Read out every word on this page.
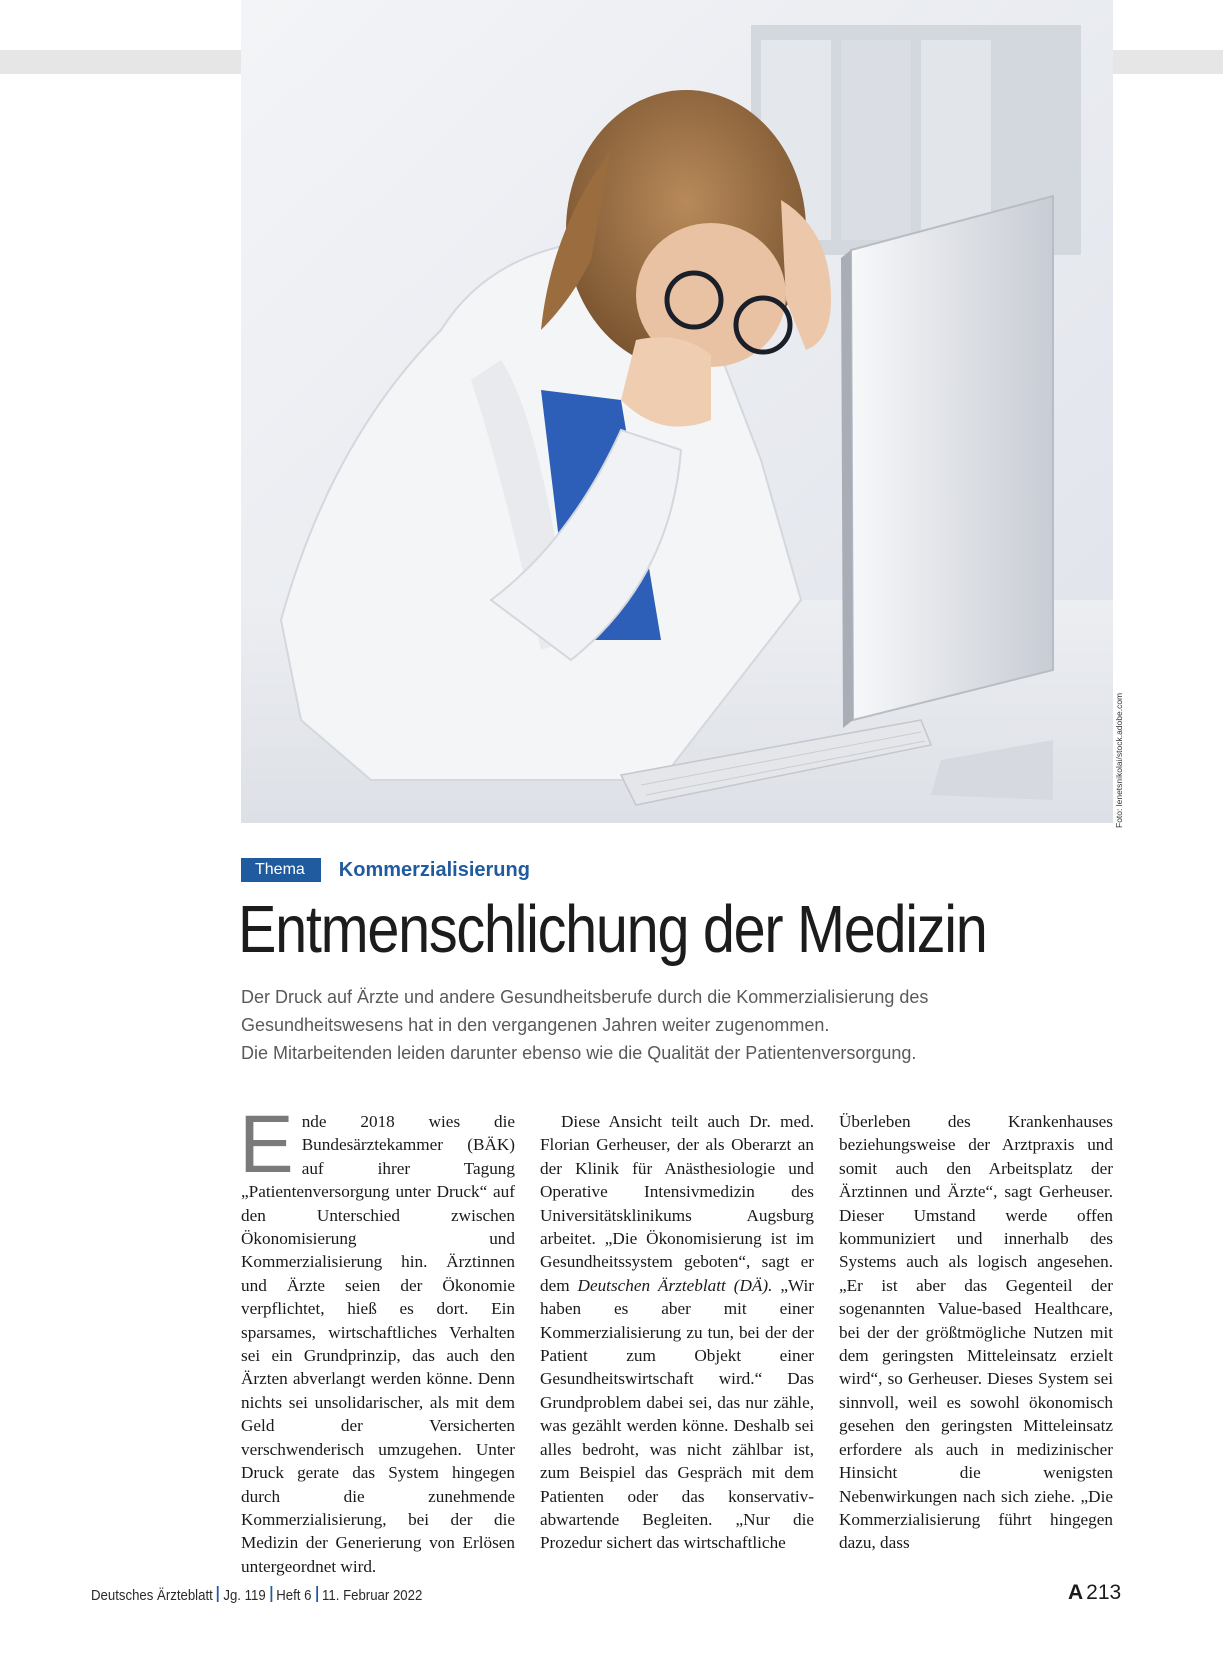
Foto: lenetsnikolai/stock.adobe.com
Thema	Kommerzialisierung
Entmenschlichung der Medizin

Der Druck auf Ärzte und andere Gesundheitsberufe durch die Kommerzialisierung des Gesundheitswesens hat in den vergangenen Jahren weiter zugenommen.

Die Mitarbeitenden leiden darunter ebenso wie die Qualität der Patientenversorgung.

Ende 2018 wies die Bundesärztekammer (BÄK) auf ihrer Tagung „Patientenversorgung unter Druck“ auf den Unterschied zwischen Ökonomisierung und Kommerzialisierung hin. Ärztinnen und Ärzte seien der Ökonomie verpflichtet, hieß es dort. Ein sparsames, wirtschaftliches Verhalten sei ein Grundprinzip, das auch den Ärzten abverlangt werden könne. Denn nichts sei unsolidarischer, als mit dem Geld der Versicherten verschwenderisch umzugehen. Unter Druck gerate das System hingegen durch die zunehmende Kommerzialisierung, bei der die Medizin der Generierung von Erlösen untergeordnet wird.

Diese Ansicht teilt auch Dr. med. Florian Gerheuser, der als Oberarzt an der Klinik für Anästhesiologie und Operative Intensivmedizin des Universitätsklinikums Augsburg arbeitet. „Die Ökonomisierung ist im Gesundheitssystem geboten“, sagt er dem Deutschen Ärzteblatt (DÄ). „Wir haben es aber mit einer Kommerzialisierung zu tun, bei der der Patient zum Objekt einer Gesundheitswirtschaft wird.“ Das Grundproblem dabei sei, das nur zähle, was gezählt werden könne. Deshalb sei alles bedroht, was nicht zählbar ist, zum Beispiel das Gespräch mit dem Patienten oder das konservativ-abwartende Begleiten. „Nur die Prozedur sichert das wirtschaftliche

Überleben des Krankenhauses beziehungsweise der Arztpraxis und somit auch den Arbeitsplatz der Ärztinnen und Ärzte“, sagt Gerheuser. Dieser Umstand werde offen kommuniziert und innerhalb des Systems auch als logisch angesehen. „Er ist aber das Gegenteil der sogenannten Value-based Healthcare, bei der der größtmögliche Nutzen mit dem geringsten Mitteleinsatz erzielt wird“, so Gerheuser. Dieses System sei sinnvoll, weil es sowohl ökonomisch gesehen den geringsten Mitteleinsatz erfordere als auch in medizinischer Hinsicht die wenigsten Nebenwirkungen nach sich ziehe. „Die Kommerzialisierung führt hingegen dazu, dass

Deutsches Ärzteblatt Jg. 119 Heft 6 11. Februar 2022	A 213
